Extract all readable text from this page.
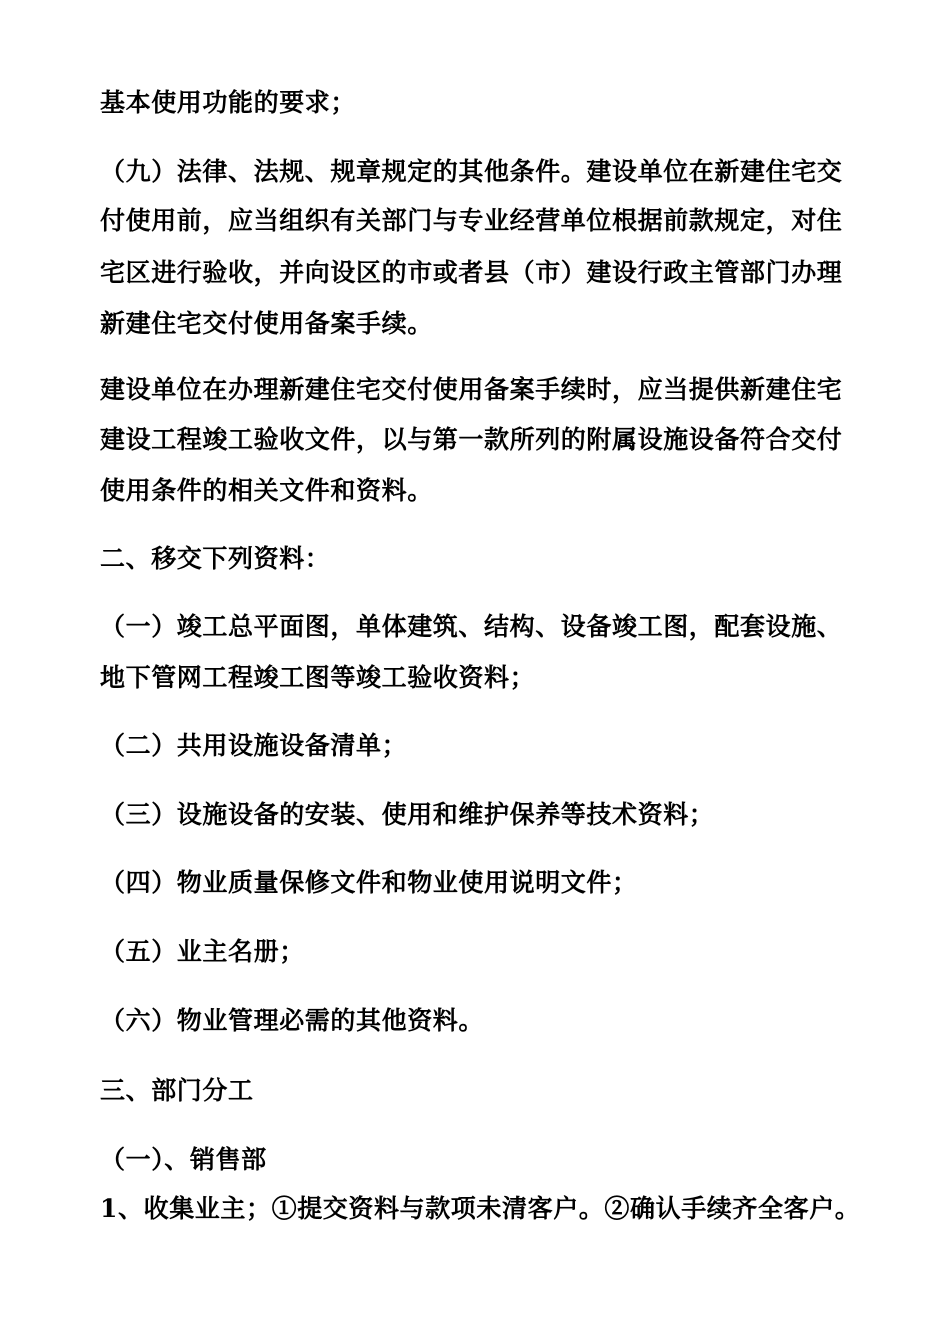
基本使用功能的要求；
（九）法律、法规、规章规定的其他条件。建设单位在新建住宅交
付使用前，应当组织有关部门与专业经营单位根据前款规定，对住
宅区进行验收，并向设区的市或者县（市）建设行政主管部门办理
新建住宅交付使用备案手续。
建设单位在办理新建住宅交付使用备案手续时，应当提供新建住宅
建设工程竣工验收文件，以与第一款所列的附属设施设备符合交付
使用条件的相关文件和资料。
二、移交下列资料：
（一）竣工总平面图，单体建筑、结构、设备竣工图，配套设施、
地下管网工程竣工图等竣工验收资料；
（二）共用设施设备清单；
（三）设施设备的安装、使用和维护保养等技术资料；
（四）物业质量保修文件和物业使用说明文件；
（五）业主名册；
（六）物业管理必需的其他资料。
三、部门分工
（一）、销售部
1、收集业主；①提交资料与款项未清客户。②确认手续齐全客户。
